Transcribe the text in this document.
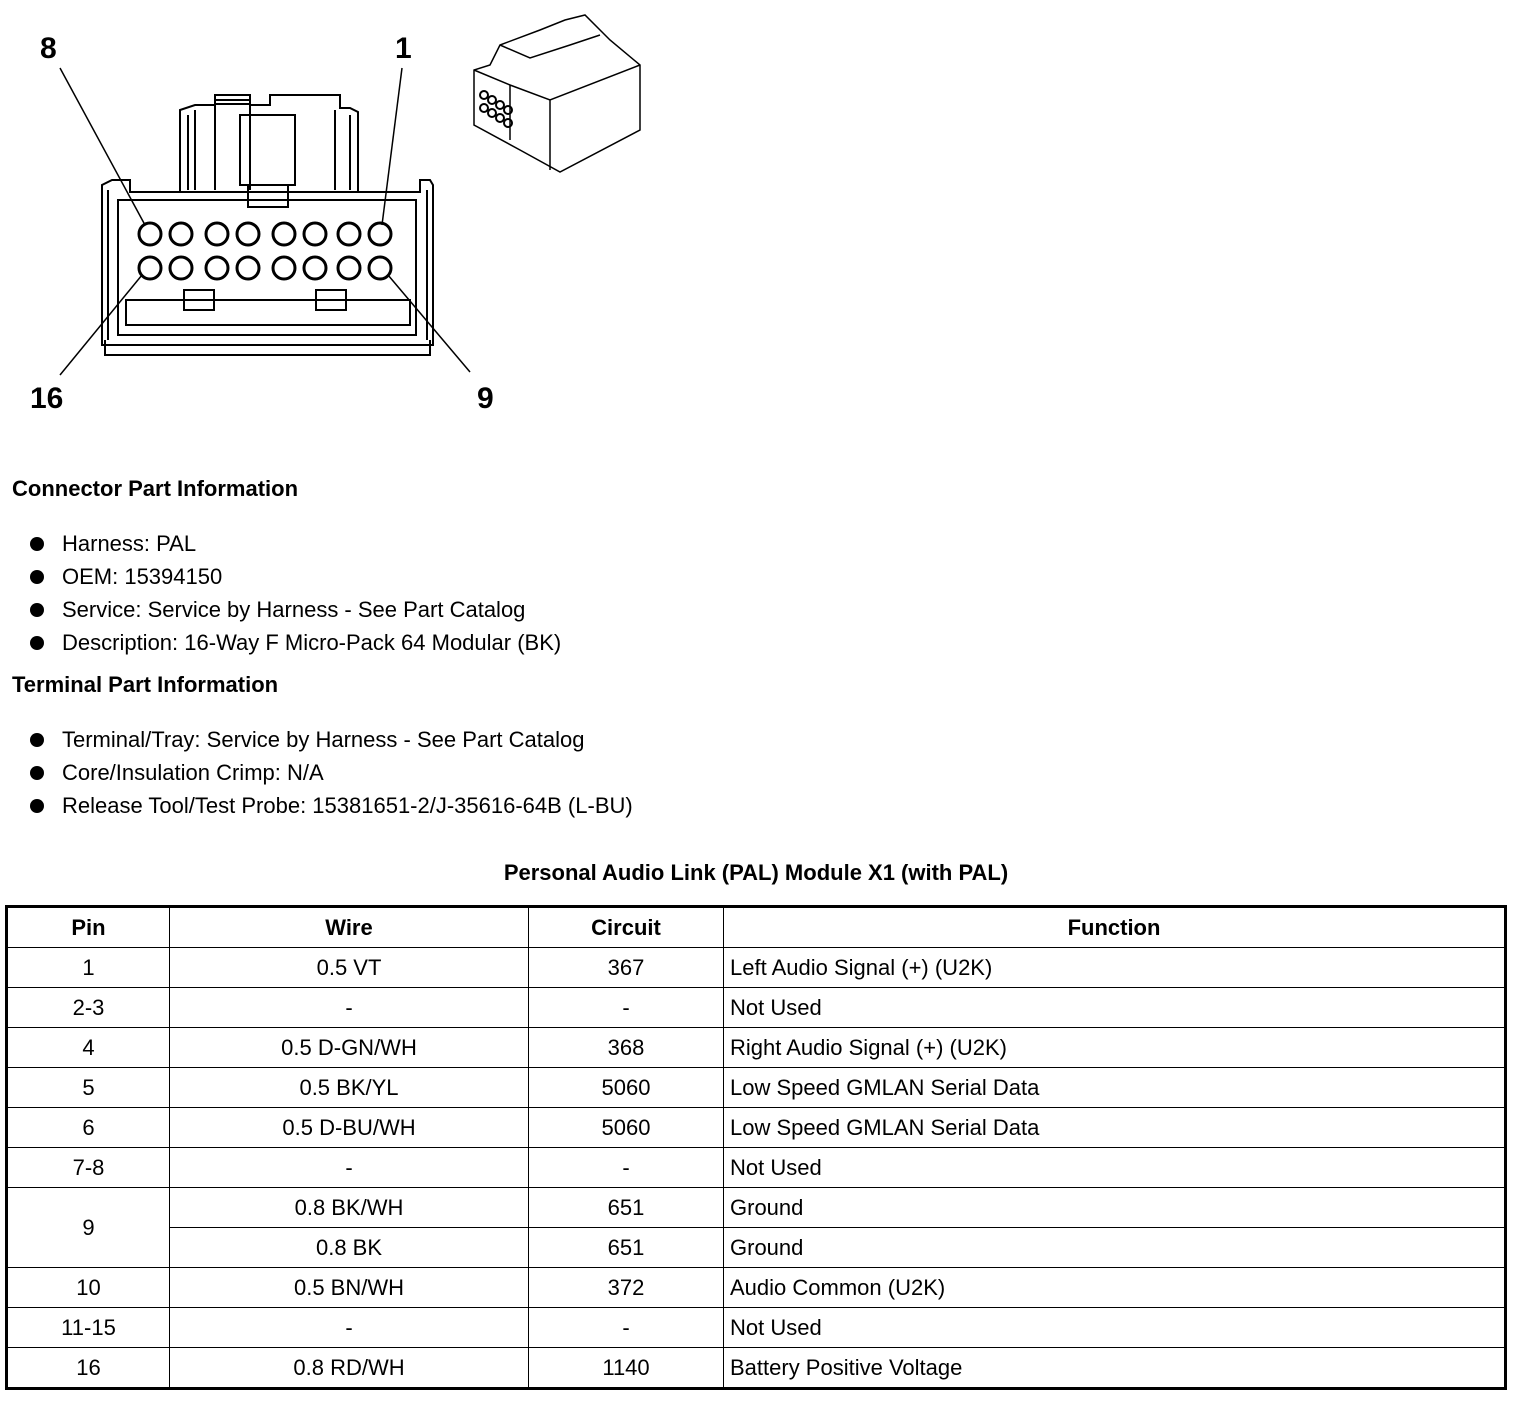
8	1
16	9
Connector Part Information
Harness: PAL
OEM: 15394150
Service: Service by Harness - See Part Catalog
Description: 16-Way F Micro-Pack 64 Modular (BK)
Terminal Part Information
Terminal/Tray: Service by Harness - See Part Catalog
Core/Insulation Crimp: N/A
Release Tool/Test Probe: 15381651-2/J-35616-64B (L-BU)
Personal Audio Link (PAL) Module X1 (with PAL)
Pin	Wire	Circuit	Function
1	0.5 VT	367	Left Audio Signal (+) (U2K)
2-3	-	-	Not Used
4	0.5 D-GN/WH	368	Right Audio Signal (+) (U2K)
5	0.5 BK/YL	5060	Low Speed GMLAN Serial Data
6	0.5 D-BU/WH	5060	Low Speed GMLAN Serial Data
7-8	-	-	Not Used
9	0.8 BK/WH	651	Ground
	0.8 BK	651	Ground
10	0.5 BN/WH	372	Audio Common (U2K)
11-15	-	-	Not Used
16	0.8 RD/WH	1140	Battery Positive Voltage
